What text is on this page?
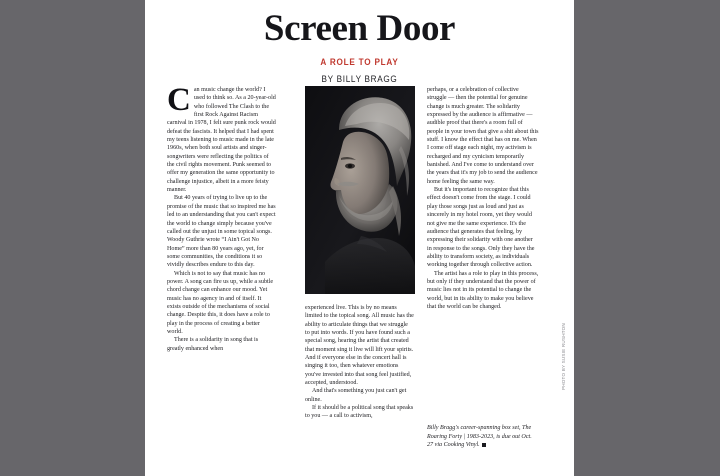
Screen Door
A ROLE TO PLAY
BY BILLY BRAGG

Can music change the world? I used to think so. As a 20-year-old who followed The Clash to the first Rock Against Racism carnival in 1978, I felt sure punk rock would defeat the fascists. It helped that I had spent my teens listening to music made in the late 1960s, when both soul artists and singer-songwriters were reflecting the politics of the civil rights movement. Punk seemed to offer my generation the same opportunity to challenge injustice, albeit in a more feisty manner.

But 40 years of trying to live up to the promise of the music that so inspired me has led to an understanding that you can't expect the world to change simply because you've called out the unjust in some topical songs. Woody Guthrie wrote “I Ain't Got No Home” more than 80 years ago, yet, for some communities, the conditions it so vividly describes endure to this day.

Which is not to say that music has no power. A song can fire us up, while a subtle chord change can enhance our mood. Yet music has no agency in and of itself. It exists outside of the mechanisms of social change. Despite this, it does have a role to play in the process of creating a better world.

There is a solidarity in song that is greatly enhanced when

experienced live. This is by no means limited to the topical song. All music has the ability to articulate things that we struggle to put into words. If you have found such a special song, hearing the artist that created that moment sing it live will lift your spirits. And if everyone else in the concert hall is singing it too, then whatever emotions you've invested into that song feel justified, accepted, understood.

And that's something you just can't get online.

If it should be a political song that speaks to you — a call to activism,

perhaps, or a celebration of collective struggle — then the potential for genuine change is much greater. The solidarity expressed by the audience is affirmative — audible proof that there's a room full of people in your town that give a shit about this stuff. I know the effect that has on me. When I come off stage each night, my activism is recharged and my cynicism temporarily banished. And I've come to understand over the years that it's my job to send the audience home feeling the same way.

But it's important to recognize that this effect doesn't come from the stage. I could play those songs just as loud and just as sincerely in my hotel room, yet they would not give me the same experience. It's the audience that generates that feeling, by expressing their solidarity with one another in response to the songs. Only they have the ability to transform society, as individuals working together through collective action.

The artist has a role to play in this process, but only if they understand that the power of music lies not in its potential to change the world, but in its ability to make you believe that the world can be changed.

Billy Bragg's career-spanning box set, The Roaring Forty | 1983-2023, is due out Oct. 27 via Cooking Vinyl.
PHOTO BY SUSIE RUSHTON
